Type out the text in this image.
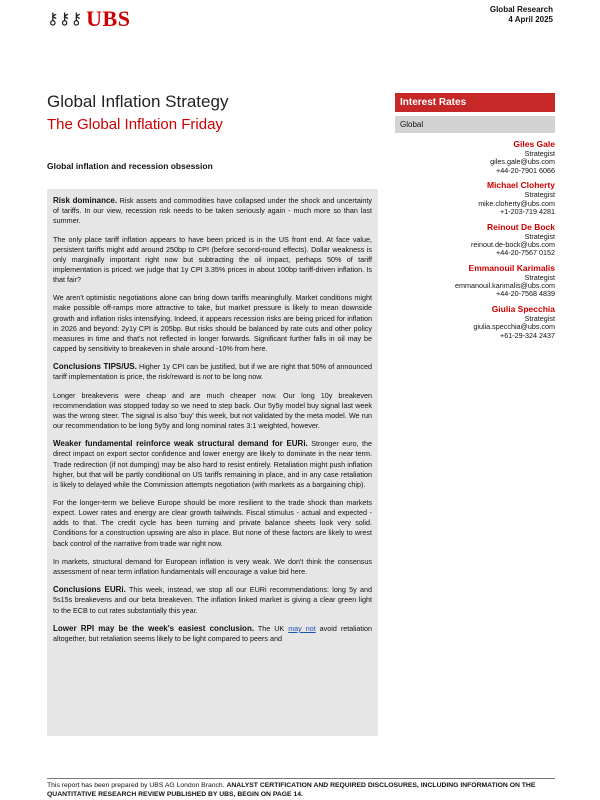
⚷⚷⚷ UBS	Global Research
4 April 2025
Global Inflation Strategy
The Global Inflation Friday
Global inflation and recession obsession
Interest Rates
Global
Giles Gale
Strategist
giles.gale@ubs.com
+44-20-7901 6066
Michael Cloherty
Strategist
mike.cloherty@ubs.com
+1-203-719 4281
Reinout De Bock
Strategist
reinout.de-bock@ubs.com
+44-20-7567 0152
Emmanouil Karimalis
Strategist
emmanouil.karimalis@ubs.com
+44-20-7568 4839
Giulia Specchia
Strategist
giulia.specchia@ubs.com
+61-29-324 2437

Risk dominance. Risk assets and commodities have collapsed under the shock and uncertainty of tariffs. In our view, recession risk needs to be taken seriously again - much more so than last summer.

The only place tariff inflation appears to have been priced is in the US front end. At face value, persistent tariffs might add around 250bp to CPI (before second-round effects). Dollar weakness is only marginally important right now but subtracting the oil impact, perhaps 50% of tariff implementation is priced: we judge that 1y CPI 3.35% prices in about 100bp tariff-driven inflation. Is that fair?

We aren't optimistic negotiations alone can bring down tariffs meaningfully. Market conditions might make possible off-ramps more attractive to take, but market pressure is likely to mean downside growth and inflation risks intensifying. Indeed, it appears recession risks are being priced for inflation in 2026 and beyond: 2y1y CPI is 205bp. But risks should be balanced by rate cuts and other policy measures in time and that's not reflected in longer forwards. Significant further falls in oil may be capped by sensitivity to breakeven in shale around -10% from here.

Conclusions TIPS/US. Higher 1y CPI can be justified, but if we are right that 50% of announced tariff implementation is price, the risk/reward is not to be long now.

Longer breakevens were cheap and are much cheaper now. Our long 10y breakeven recommendation was stopped today so we need to step back. Our 5y5y model buy signal last week was the wrong steer. The signal is also 'buy' this week, but not validated by the meta model. We run our recommendation to be long 5y5y and long nominal rates 3:1 weighted, however.

Weaker fundamental reinforce weak structural demand for EURi. Stronger euro, the direct impact on export sector confidence and lower energy are likely to dominate in the near term. Trade redirection (if not dumping) may be also hard to resist entirely. Retaliation might push inflation higher, but that will be partly conditional on US tariffs remaining in place, and in any case retaliation is likely to delayed while the Commission attempts negotiation (with markets as a bargaining chip).

For the longer-term we believe Europe should be more resilient to the trade shock than markets expect. Lower rates and energy are clear growth tailwinds. Fiscal stimulus - actual and expected - adds to that. The credit cycle has been turning and private balance sheets look very solid. Conditions for a construction upswing are also in place. But none of these factors are likely to wrest back control of the narrative from trade war right now.

In markets, structural demand for European inflation is very weak. We don't think the consensus assessment of near term inflation fundamentals will encourage a value bid here.

Conclusions EURi. This week, instead, we stop all our EURi recommendations: long 5y and 5s15s breakevens and our beta breakeven. The inflation linked market is giving a clear green light to the ECB to cut rates substantially this year.

Lower RPI may be the week's easiest conclusion. The UK may not avoid retaliation altogether, but retaliation seems likely to be light compared to peers and

This report has been prepared by UBS AG London Branch. ANALYST CERTIFICATION AND REQUIRED DISCLOSURES, INCLUDING INFORMATION ON THE QUANTITATIVE RESEARCH REVIEW PUBLISHED BY UBS, BEGIN ON PAGE 14.
